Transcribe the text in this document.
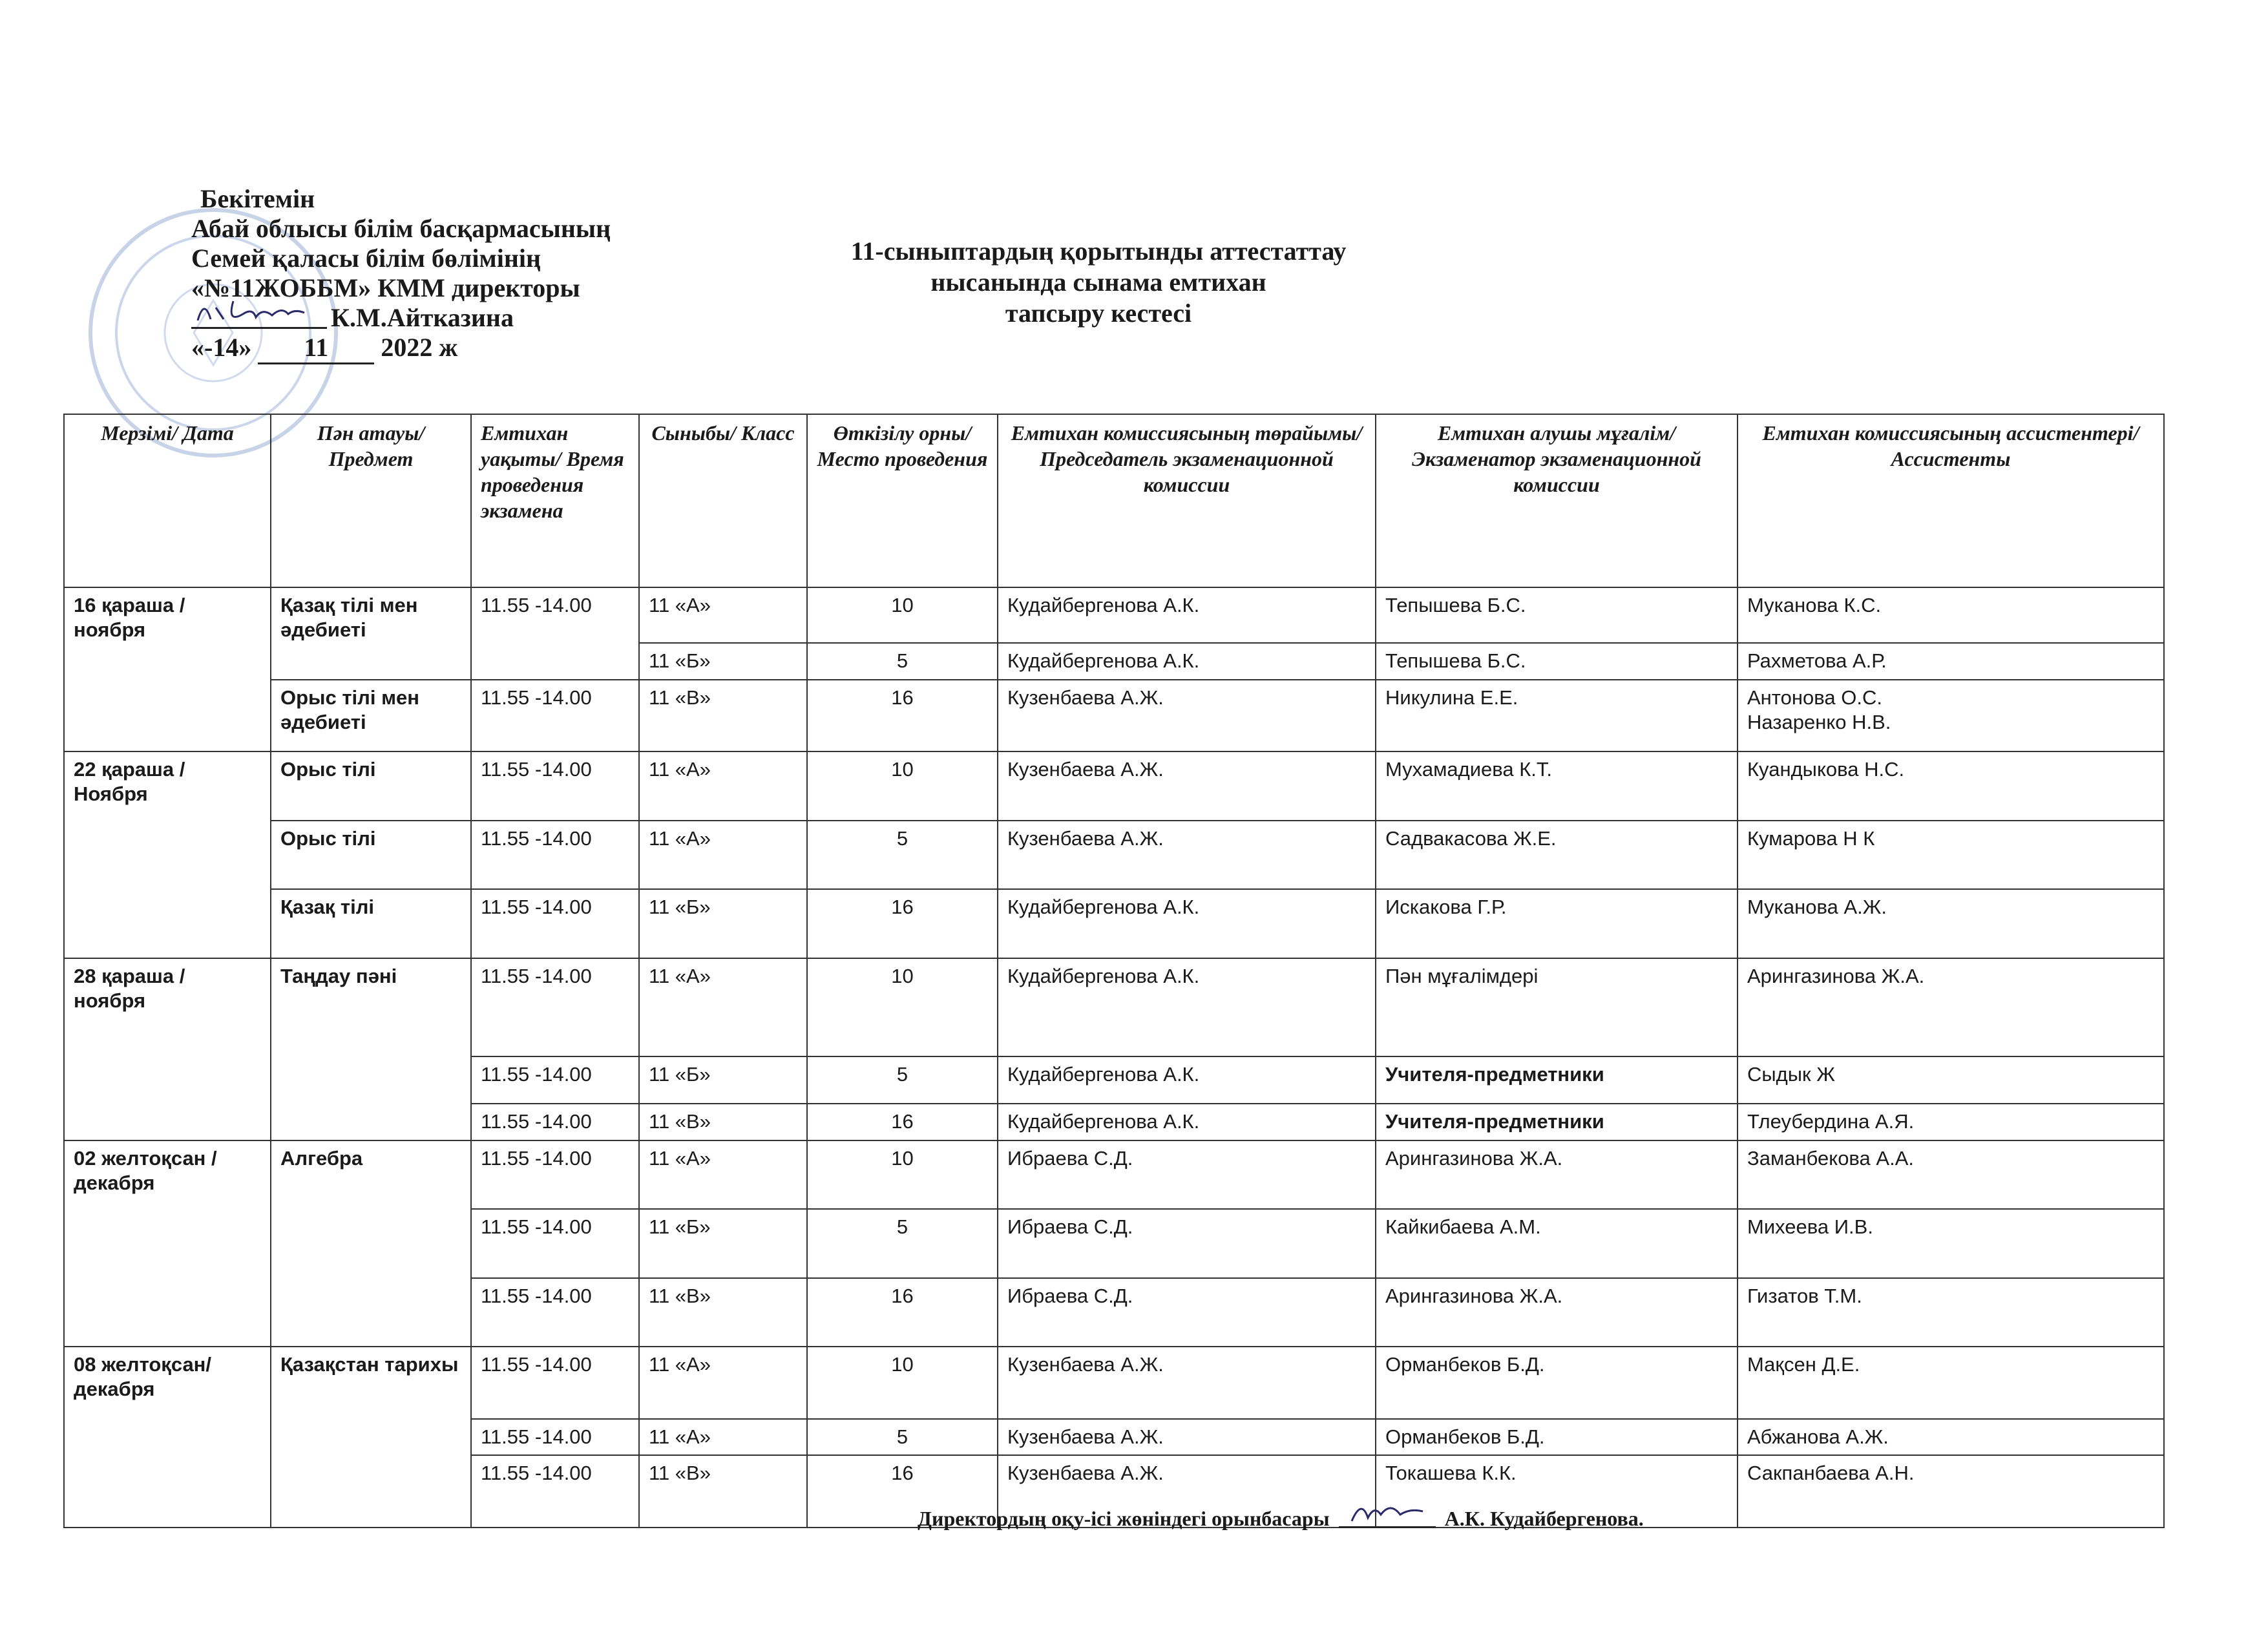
Бекітемін
Абай облысы білім басқармасының
Семей қаласы білім бөлімінің
«№11ЖОББМ» КММ директоры
К.М.Айтказина
«-14» 11 2022 ж
11-сыныптардың қорытынды аттестаттау
нысанында сынама емтихан
тапсыру кестесі
Мерзімі/ Дата	Пән атауы/ Предмет	Емтихан уақыты/ Время проведения экзамена	Сыныбы/ Класс	Өткізілу орны/ Место проведения	Емтихан комиссиясының төрайымы/ Председатель экзаменационной комиссии	Емтихан алушы мұғалім/ Экзаменатор экзаменационной комиссии	Емтихан комиссиясының ассистентері/ Ассистенты
16 қараша / ноября	Қазақ тілі мен әдебиеті	11.55 -14.00	11 «А»	10	Кудайбергенова А.К.	Тепышева Б.С.	Муканова К.С.
			11 «Б»	5	Кудайбергенова А.К.	Тепышева Б.С.	Рахметова А.Р.
	Орыс тілі мен әдебиеті	11.55 -14.00	11 «В»	16	Кузенбаева А.Ж.	Никулина Е.Е.	Антонова О.С.
Назаренко Н.В.

22 қараша / Ноября	Орыс тілі	11.55 -14.00	11 «А»	10	Кузенбаева А.Ж.	Мухамадиева К.Т.	Куандыкова Н.С.
	Орыс тілі	11.55 -14.00	11 «А»	5	Кузенбаева А.Ж.	Садвакасова Ж.Е.	Кумарова Н К
	Қазақ тілі	11.55 -14.00	11 «Б»	16	Кудайбергенова А.К.	Искакова Г.Р.	Муканова А.Ж.
28 қараша / ноября	Таңдау пәні	11.55 -14.00	11 «А»	10	Кудайбергенова А.К.	Пән мұғалімдері	Арингазинова Ж.А.
		11.55 -14.00	11 «Б»	5	Кудайбергенова А.К.	Учителя-предметники	Сыдык Ж
		11.55 -14.00	11 «В»	16	Кудайбергенова А.К.	Учителя-предметники	Тлеубердина А.Я.
02 желтоқсан / декабря	Алгебра	11.55 -14.00	11 «А»	10	Ибраева С.Д.	Арингазинова Ж.А.	Заманбекова А.А.
		11.55 -14.00	11 «Б»	5	Ибраева С.Д.	Кайкибаева А.М.	Михеева И.В.
		11.55 -14.00	11 «В»	16	Ибраева С.Д.	Арингазинова Ж.А.	Гизатов Т.М.
08 желтоқсан/ декабря	Қазақстан тарихы	11.55 -14.00	11 «А»	10	Кузенбаева А.Ж.	Орманбеков Б.Д.	Мақсен Д.Е.
		11.55 -14.00	11 «А»	5	Кузенбаева А.Ж.	Орманбеков Б.Д.	Абжанова А.Ж.
		11.55 -14.00	11 «В»	16	Кузенбаева А.Ж.	Токашева К.К.	Сакпанбаева А.Н.
Директордың оқу-ісі жөніндегі орынбасары	А.К. Кудайбергенова.
